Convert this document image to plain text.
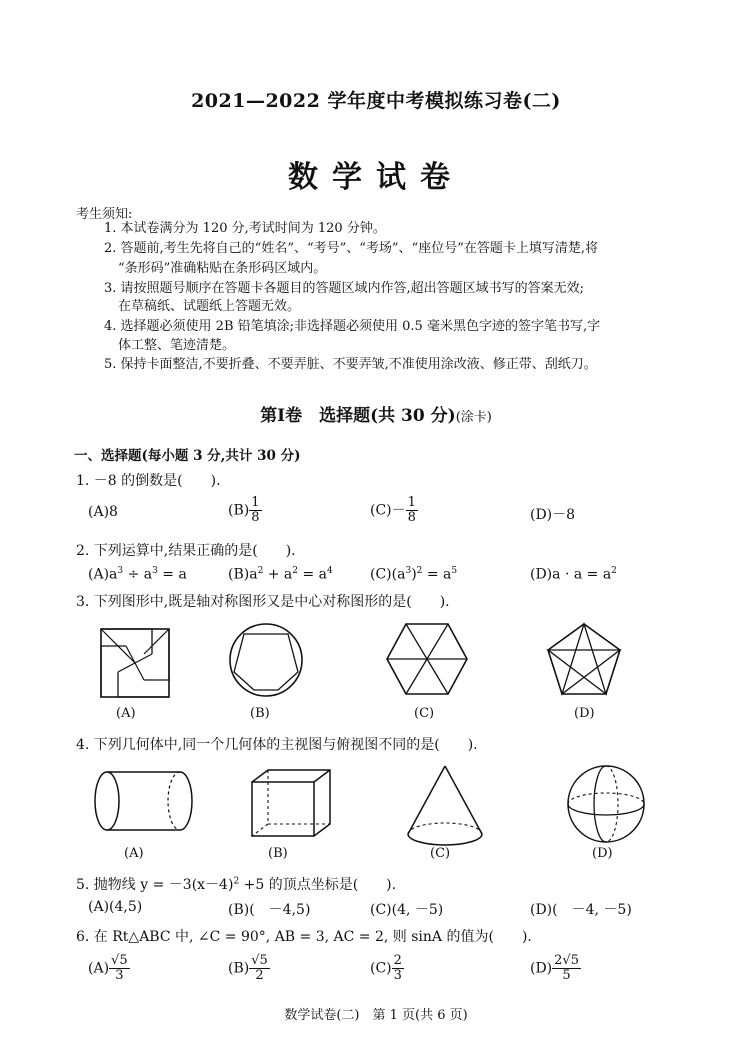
2021—2022 学年度中考模拟练习卷(二)
数学试卷
考生须知:
1. 本试卷满分为 120 分,考试时间为 120 分钟。
2. 答题前,考生先将自己的“姓名”、“考号”、“考场”、“座位号”在答题卡上填写清楚,将
“条形码”准确粘贴在条形码区域内。
3. 请按照题号顺序在答题卡各题目的答题区域内作答,超出答题区域书写的答案无效;
在草稿纸、试题纸上答题无效。
4. 选择题必须使用 2B 铅笔填涂;非选择题必须使用 0.5 毫米黑色字迹的签字笔书写,字
体工整、笔迹清楚。
5. 保持卡面整洁,不要折叠、不要弄脏、不要弄皱,不准使用涂改液、修正带、刮纸刀。
第Ⅰ卷　选择题(共 30 分)(涂卡)
一、选择题(每小题 3 分,共计 30 分)
1. －8 的倒数是(　　).
(A)8	$(B) \frac{1}{8}$	$(C)- \frac{1}{8}$	(D)－8
2. 下列运算中,结果正确的是(　　).
$(A)a^3 \div a^3 = a$	$(B)a^2 + a^2 = a^4$	$(C)(a^3)^2 = a^5$	$(D)a \cdot a = a^2$
3. 下列图形中,既是轴对称图形又是中心对称图形的是(　　).
(A)	(B)	(C)	(D)
4. 下列几何体中,同一个几何体的主视图与俯视图不同的是(　　).
(A)	(B)	(C)	(D)
5. 抛物线 $y = -3(x-4)^2 +5$ 的顶点坐标是(　　).
(A)(4,5)	(B)(　－4,5)	(C)(4, －5)	(D)(　－4, －5)
6. 在 Rt△ABC 中, ∠C = 90°, AB = 3, AC = 2, 则 sinA 的值为(　　).
$(A) \frac{√5}{3}$	$(B) \frac{√5}{2}$	$(C) \frac{2}{3}$	$(D) \frac{2√5}{5}$
数学试卷(二)　第 1 页(共 6 页)
